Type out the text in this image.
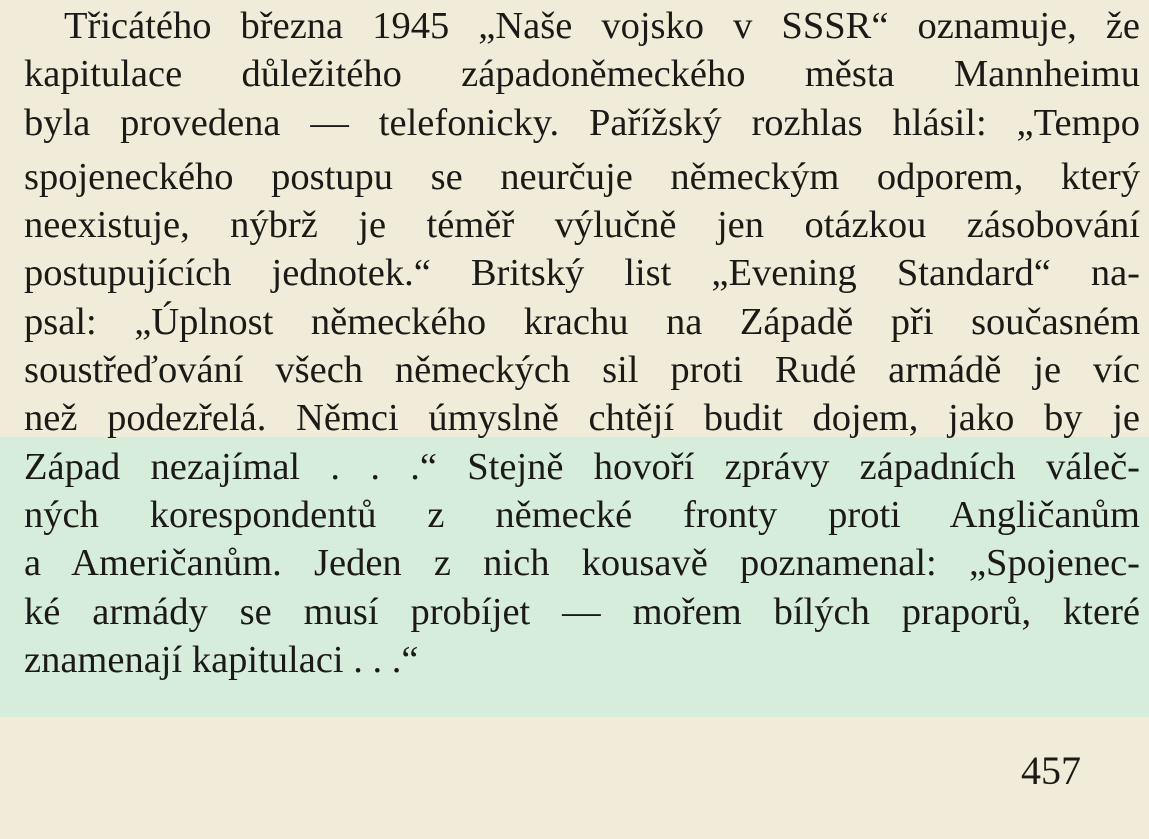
Třicátého března 1945 „Naše vojsko v SSSR“ oznamuje, že
kapitulace důležitého západoněmeckého města Mannheimu
byla provedena — telefonicky. Pařížský rozhlas hlásil: „Tempo
spojeneckého postupu se neurčuje německým odporem, který
neexistuje, nýbrž je téměř výlučně jen otázkou zásobování
postupujících jednotek.“ Britský list „Evening Standard“ na-
psal: „Úplnost německého krachu na Západě při současném
soustřeďování všech německých sil proti Rudé armádě je víc
než podezřelá. Němci úmyslně chtějí budit dojem, jako by je
Západ nezajímal . . .“ Stejně hovoří zprávy západních váleč-
ných korespondentů z německé fronty proti Angličanům
a Američanům. Jeden z nich kousavě poznamenal: „Spojenec-
ké armády se musí probíjet — mořem bílých praporů, které
znamenají kapitulaci . . .“
457
